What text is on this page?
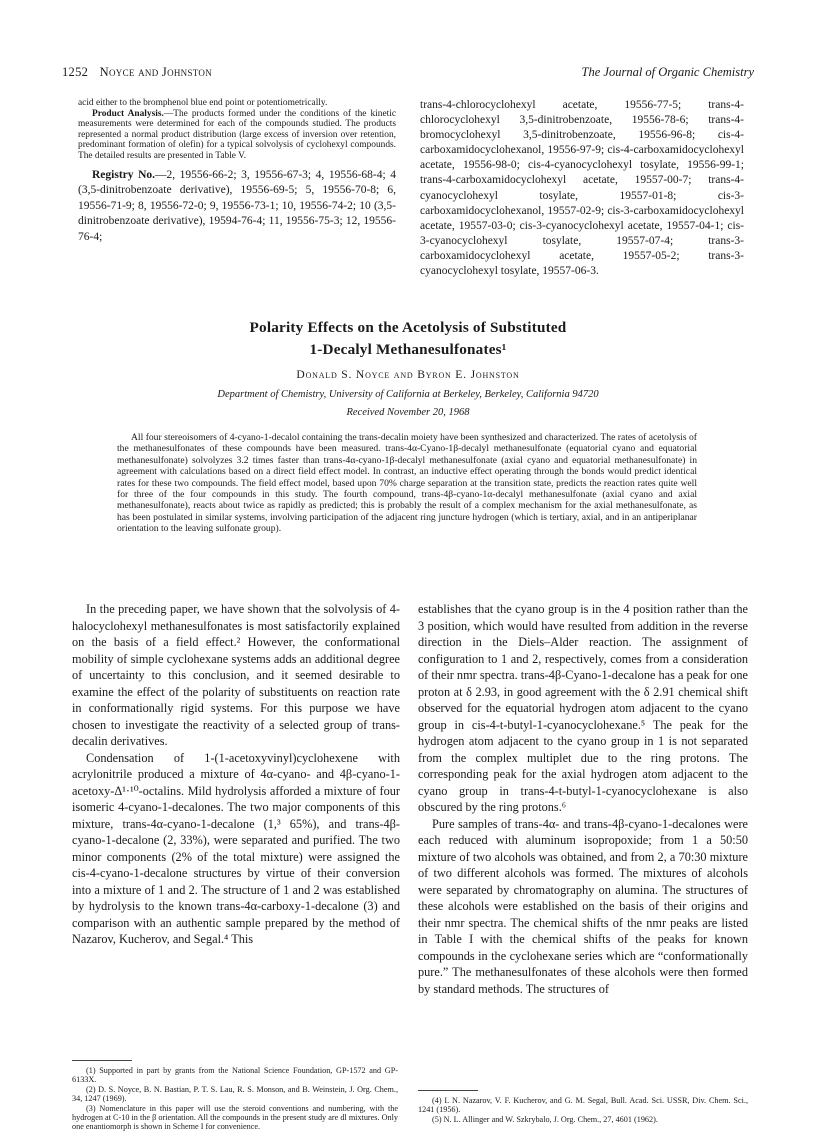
1252 Noyce and Johnston	The Journal of Organic Chemistry

acid either to the bromphenol blue end point or potentiometrically.

Product Analysis.—The products formed under the conditions of the kinetic measurements were determined for each of the compounds studied. The products represented a normal product distribution (large excess of inversion over retention, predominant formation of olefin) for a typical solvolysis of cyclohexyl compounds. The detailed results are presented in Table V.

Registry No.—2, 19556-66-2; 3, 19556-67-3; 4, 19556-68-4; 4 (3,5-dinitrobenzoate derivative), 19556-69-5; 5, 19556-70-8; 6, 19556-71-9; 8, 19556-72-0; 9, 19556-73-1; 10, 19556-74-2; 10 (3,5-dinitrobenzoate derivative), 19594-76-4; 11, 19556-75-3; 12, 19556-76-4;

trans-4-chlorocyclohexyl acetate, 19556-77-5; trans-4-chlorocyclohexyl 3,5-dinitrobenzoate, 19556-78-6; trans-4-bromocyclohexyl 3,5-dinitrobenzoate, 19556-96-8; cis-4-carboxamidocyclohexanol, 19556-97-9; cis-4-carboxamidocyclohexyl acetate, 19556-98-0; cis-4-cyanocyclohexyl tosylate, 19556-99-1; trans-4-carboxamidocyclohexyl acetate, 19557-00-7; trans-4-cyanocyclohexyl tosylate, 19557-01-8; cis-3-carboxamidocyclohexanol, 19557-02-9; cis-3-carboxamidocyclohexyl acetate, 19557-03-0; cis-3-cyanocyclohexyl acetate, 19557-04-1; cis-3-cyanocyclohexyl tosylate, 19557-07-4; trans-3-carboxamidocyclohexyl acetate, 19557-05-2; trans-3-cyanocyclohexyl tosylate, 19557-06-3.

Polarity Effects on the Acetolysis of Substituted
1-Decalyl Methanesulfonates¹
Donald S. Noyce and Byron E. Johnston
Department of Chemistry, University of California at Berkeley, Berkeley, California 94720
Received November 20, 1968

All four stereoisomers of 4-cyano-1-decalol containing the trans-decalin moiety have been synthesized and characterized. The rates of acetolysis of the methanesulfonates of these compounds have been measured. trans-4α-Cyano-1β-decalyl methanesulfonate (equatorial cyano and equatorial methanesulfonate) solvolyzes 3.2 times faster than trans-4α-cyano-1β-decalyl methanesulfonate (axial cyano and equatorial methanesulfonate) in agreement with calculations based on a direct field effect model. In contrast, an inductive effect operating through the bonds would predict identical rates for these two compounds. The field effect model, based upon 70% charge separation at the transition state, predicts the reaction rates quite well for three of the four compounds in this study. The fourth compound, trans-4β-cyano-1α-decalyl methanesulfonate (axial cyano and axial methanesulfonate), reacts about twice as rapidly as predicted; this is probably the result of a complex mechanism for the axial methanesulfonate, as has been postulated in similar systems, involving participation of the adjacent ring juncture hydrogen (which is tertiary, axial, and in an antiperiplanar orientation to the leaving sulfonate group).

In the preceding paper, we have shown that the solvolysis of 4-halocyclohexyl methanesulfonates is most satisfactorily explained on the basis of a field effect.² However, the conformational mobility of simple cyclohexane systems adds an additional degree of uncertainty to this conclusion, and it seemed desirable to examine the effect of the polarity of substituents on reaction rate in conformationally rigid systems. For this purpose we have chosen to investigate the reactivity of a selected group of trans-decalin derivatives.

Condensation of 1-(1-acetoxyvinyl)cyclohexene with acrylonitrile produced a mixture of 4α-cyano- and 4β-cyano-1-acetoxy-Δ¹·¹⁰-octalins. Mild hydrolysis afforded a mixture of four isomeric 4-cyano-1-decalones. The two major components of this mixture, trans-4α-cyano-1-decalone (1,³ 65%), and trans-4β-cyano-1-decalone (2, 33%), were separated and purified. The two minor components (2% of the total mixture) were assigned the cis-4-cyano-1-decalone structures by virtue of their conversion into a mixture of 1 and 2. The structure of 1 and 2 was established by hydrolysis to the known trans-4α-carboxy-1-decalone (3) and comparison with an authentic sample prepared by the method of Nazarov, Kucherov, and Segal.⁴ This

establishes that the cyano group is in the 4 position rather than the 3 position, which would have resulted from addition in the reverse direction in the Diels–Alder reaction. The assignment of configuration to 1 and 2, respectively, comes from a consideration of their nmr spectra. trans-4β-Cyano-1-decalone has a peak for one proton at δ 2.93, in good agreement with the δ 2.91 chemical shift observed for the equatorial hydrogen atom adjacent to the cyano group in cis-4-t-butyl-1-cyanocyclohexane.⁵ The peak for the hydrogen atom adjacent to the cyano group in 1 is not separated from the complex multiplet due to the ring protons. The corresponding peak for the axial hydrogen atom adjacent to the cyano group in trans-4-t-butyl-1-cyanocyclohexane is also obscured by the ring protons.⁶

Pure samples of trans-4α- and trans-4β-cyano-1-decalones were each reduced with aluminum isopropoxide; from 1 a 50:50 mixture of two alcohols was obtained, and from 2, a 70:30 mixture of two different alcohols was formed. The mixtures of alcohols were separated by chromatography on alumina. The structures of these alcohols were established on the basis of their origins and their nmr spectra. The chemical shifts of the nmr peaks are listed in Table I with the chemical shifts of the peaks for known compounds in the cyclohexane series which are “conformationally pure.” The methanesulfonates of these alcohols were then formed by standard methods. The structures of

(1) Supported in part by grants from the National Science Foundation, GP-1572 and GP-6133X.

(2) D. S. Noyce, B. N. Bastian, P. T. S. Lau, R. S. Monson, and B. Weinstein, J. Org. Chem., 34, 1247 (1969).

(3) Nomenclature in this paper will use the steroid conventions and numbering, with the hydrogen at C-10 in the β orientation. All the compounds in the present study are dl mixtures. Only one enantiomorph is shown in Scheme I for convenience.

(4) I. N. Nazarov, V. F. Kucherov, and G. M. Segal, Bull. Acad. Sci. USSR, Div. Chem. Sci., 1241 (1956).

(5) N. L. Allinger and W. Szkrybalo, J. Org. Chem., 27, 4601 (1962).
